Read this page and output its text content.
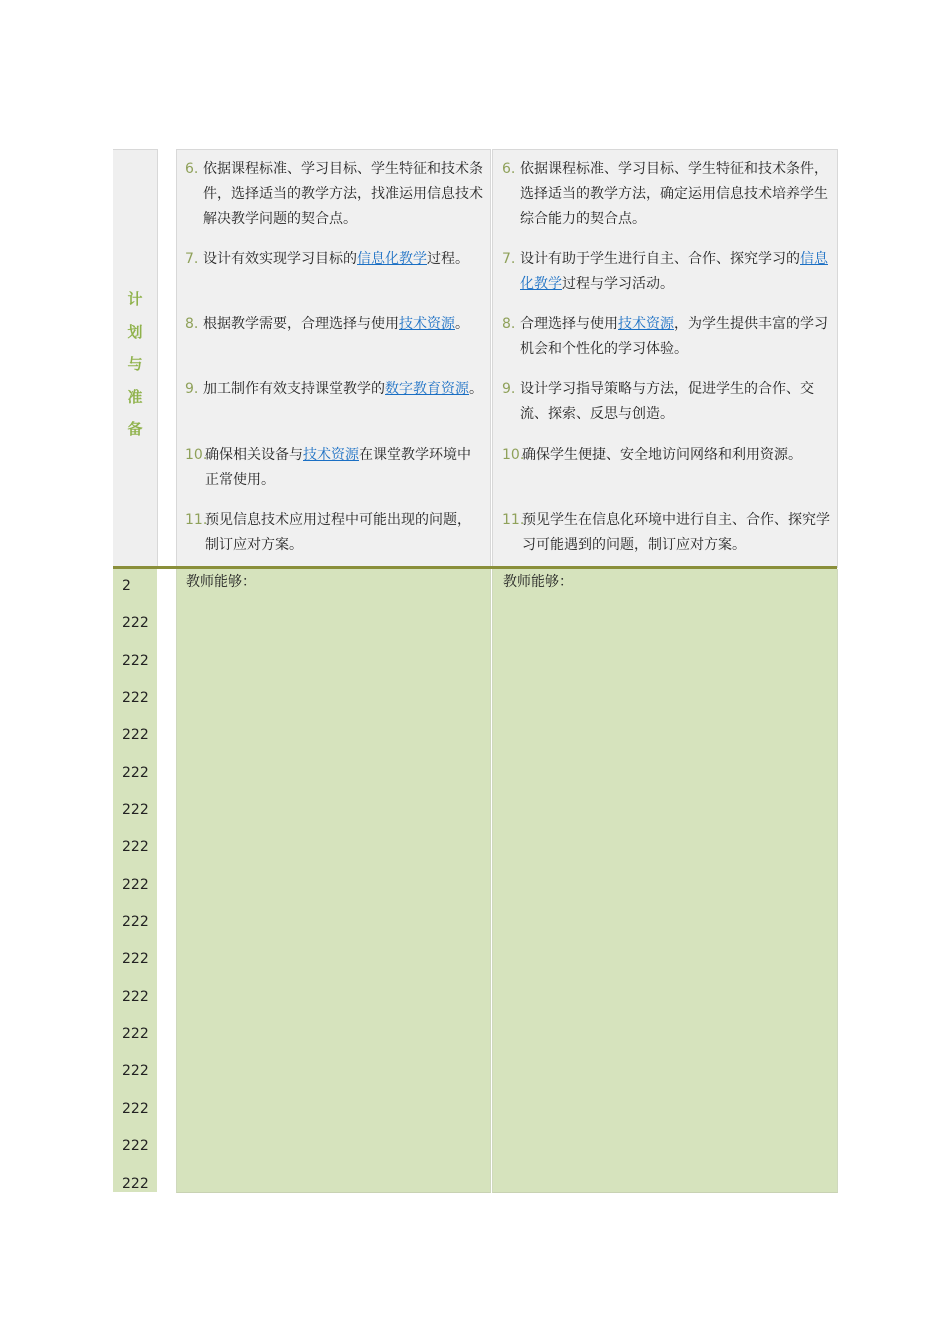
计
划
与
准
备
6. 依据课程标准、学习目标、学生特征和技术条件，选择适当的教学方法，找准运用信息技术解决教学问题的契合点。
7. 设计有效实现学习目标的信息化教学过程。
8. 根据教学需要，合理选择与使用技术资源。
9. 加工制作有效支持课堂教学的数字教育资源。
10.
确保相关设备与技术资源在课堂教学环境中正常使用。
11.
预见信息技术应用过程中可能出现的问题，制订应对方案。
6. 依据课程标准、学习目标、学生特征和技术条件，选择适当的教学方法，确定运用信息技术培养学生综合能力的契合点。
7. 设计有助于学生进行自主、合作、探究学习的信息化教学过程与学习活动。
8. 合理选择与使用技术资源，为学生提供丰富的学习机会和个性化的学习体验。
9. 设计学习指导策略与方法，促进学生的合作、交流、探索、反思与创造。
10.
确保学生便捷、安全地访问网络和利用资源。
11.
预见学生在信息化环境中进行自主、合作、探究学习可能遇到的问题，制订应对方案。
教师能够：	教师能够：
2
222
222
222
222
222
222
222
222
222
222
222
222
222
222
222
222
